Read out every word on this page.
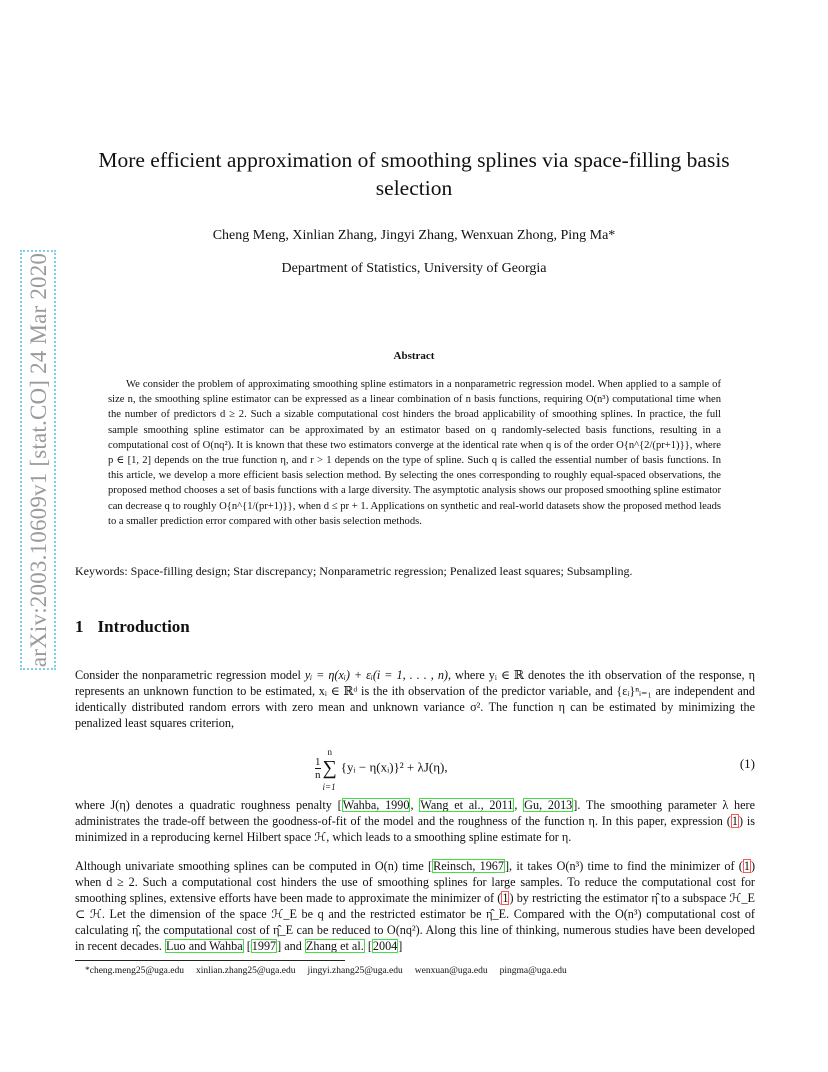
arXiv:2003.10609v1 [stat.CO] 24 Mar 2020
More efficient approximation of smoothing splines via space-filling basis selection
Cheng Meng, Xinlian Zhang, Jingyi Zhang, Wenxuan Zhong, Ping Ma*
Department of Statistics, University of Georgia
Abstract

We consider the problem of approximating smoothing spline estimators in a nonparametric regression model. When applied to a sample of size n, the smoothing spline estimator can be expressed as a linear combination of n basis functions, requiring O(n³) computational time when the number of predictors d ≥ 2. Such a sizable computational cost hinders the broad applicability of smoothing splines. In practice, the full sample smoothing spline estimator can be approximated by an estimator based on q randomly-selected basis functions, resulting in a computational cost of O(nq²). It is known that these two estimators converge at the identical rate when q is of the order O{n^{2/(pr+1)}}, where p ∈ [1, 2] depends on the true function η, and r > 1 depends on the type of spline. Such q is called the essential number of basis functions. In this article, we develop a more efficient basis selection method. By selecting the ones corresponding to roughly equal-spaced observations, the proposed method chooses a set of basis functions with a large diversity. The asymptotic analysis shows our proposed smoothing spline estimator can decrease q to roughly O{n^{1/(pr+1)}}, when d ≤ pr + 1. Applications on synthetic and real-world datasets show the proposed method leads to a smaller prediction error compared with other basis selection methods.

Keywords: Space-filling design; Star discrepancy; Nonparametric regression; Penalized least squares; Subsampling.
1 Introduction

Consider the nonparametric regression model yᵢ = η(xᵢ) + εᵢ(i = 1, . . . , n), where yᵢ ∈ ℝ denotes the ith observation of the response, η represents an unknown function to be estimated, xᵢ ∈ ℝᵈ is the ith observation of the predictor variable, and {εᵢ}ⁿᵢ₌₁ are independent and identically distributed random errors with zero mean and unknown variance σ². The function η can be estimated by minimizing the penalized least squares criterion,

$\frac{1}{n}$ ∑
n
i=1
{yᵢ − η(xᵢ)}² + λJ(η),	(1)

where J(η) denotes a quadratic roughness penalty [Wahba, 1990, Wang et al., 2011, Gu, 2013]. The smoothing parameter λ here administrates the trade-off between the goodness-of-fit of the model and the roughness of the function η. In this paper, expression (1) is minimized in a reproducing kernel Hilbert space ℋ, which leads to a smoothing spline estimate for η.

Although univariate smoothing splines can be computed in O(n) time [Reinsch, 1967], it takes O(n³) time to find the minimizer of (1) when d ≥ 2. Such a computational cost hinders the use of smoothing splines for large samples. To reduce the computational cost for smoothing splines, extensive efforts have been made to approximate the minimizer of (1) by restricting the estimator η̂ to a subspace ℋ_E ⊂ ℋ. Let the dimension of the space ℋ_E be q and the restricted estimator be η̂_E. Compared with the O(n³) computational cost of calculating η̂, the computational cost of η̂_E can be reduced to O(nq²). Along this line of thinking, numerous studies have been developed in recent decades. Luo and Wahba [1997] and Zhang et al. [2004]

*cheng.meng25@uga.edu xinlian.zhang25@uga.edu jingyi.zhang25@uga.edu wenxuan@uga.edu pingma@uga.edu
